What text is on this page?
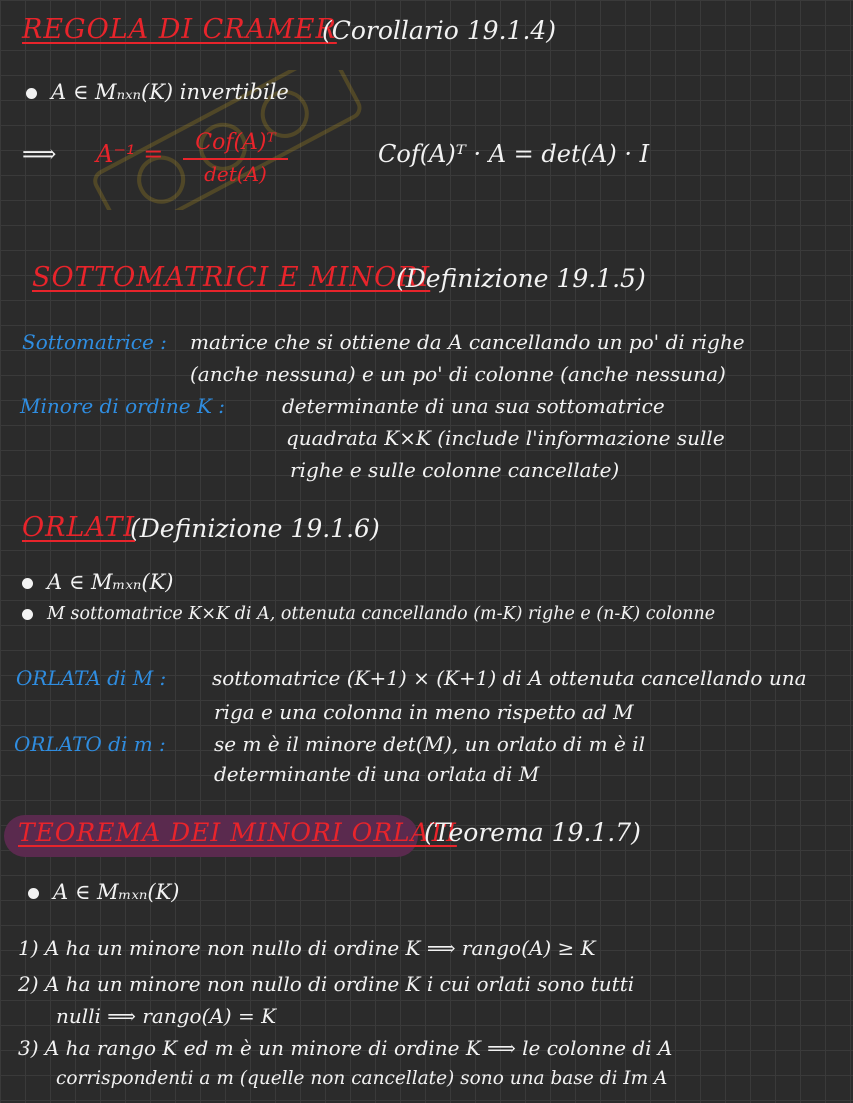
REGOLA DI CRAMER
(Corollario 19.1.4)
A ∈ Mₙₓₙ(K) invertibile
⟹ A⁻¹ =	Cof(A)ᵀ
det(A)
Cof(A)ᵀ · A = det(A) · I
SOTTOMATRICI E MINORI
(Definizione 19.1.5)
Sottomatrice : matrice che si ottiene da A cancellando un po' di righe
(anche nessuna) e un po' di colonne (anche nessuna)
Minore di ordine K :	determinante di una sua sottomatrice
quadrata K×K (include l'informazione sulle
righe e sulle colonne cancellate)
ORLATI
(Definizione 19.1.6)
A ∈ Mₘₓₙ(K)
M sottomatrice K×K di A, ottenuta cancellando (m-K) righe e (n-K) colonne
ORLATA di M : sottomatrice (K+1) × (K+1) di A ottenuta cancellando una
riga e una colonna in meno rispetto ad M
ORLATO di m : se m è il minore det(M), un orlato di m è il
determinante di una orlata di M
TEOREMA DEI MINORI ORLATI
(Teorema 19.1.7)
A ∈ Mₘₓₙ(K)
1) A ha un minore non nullo di ordine K ⟹ rango(A) ≥ K
2) A ha un minore non nullo di ordine K i cui orlati sono tutti
nulli ⟹ rango(A) = K
3) A ha rango K ed m è un minore di ordine K ⟹ le colonne di A
corrispondenti a m (quelle non cancellate) sono una base di Im A
